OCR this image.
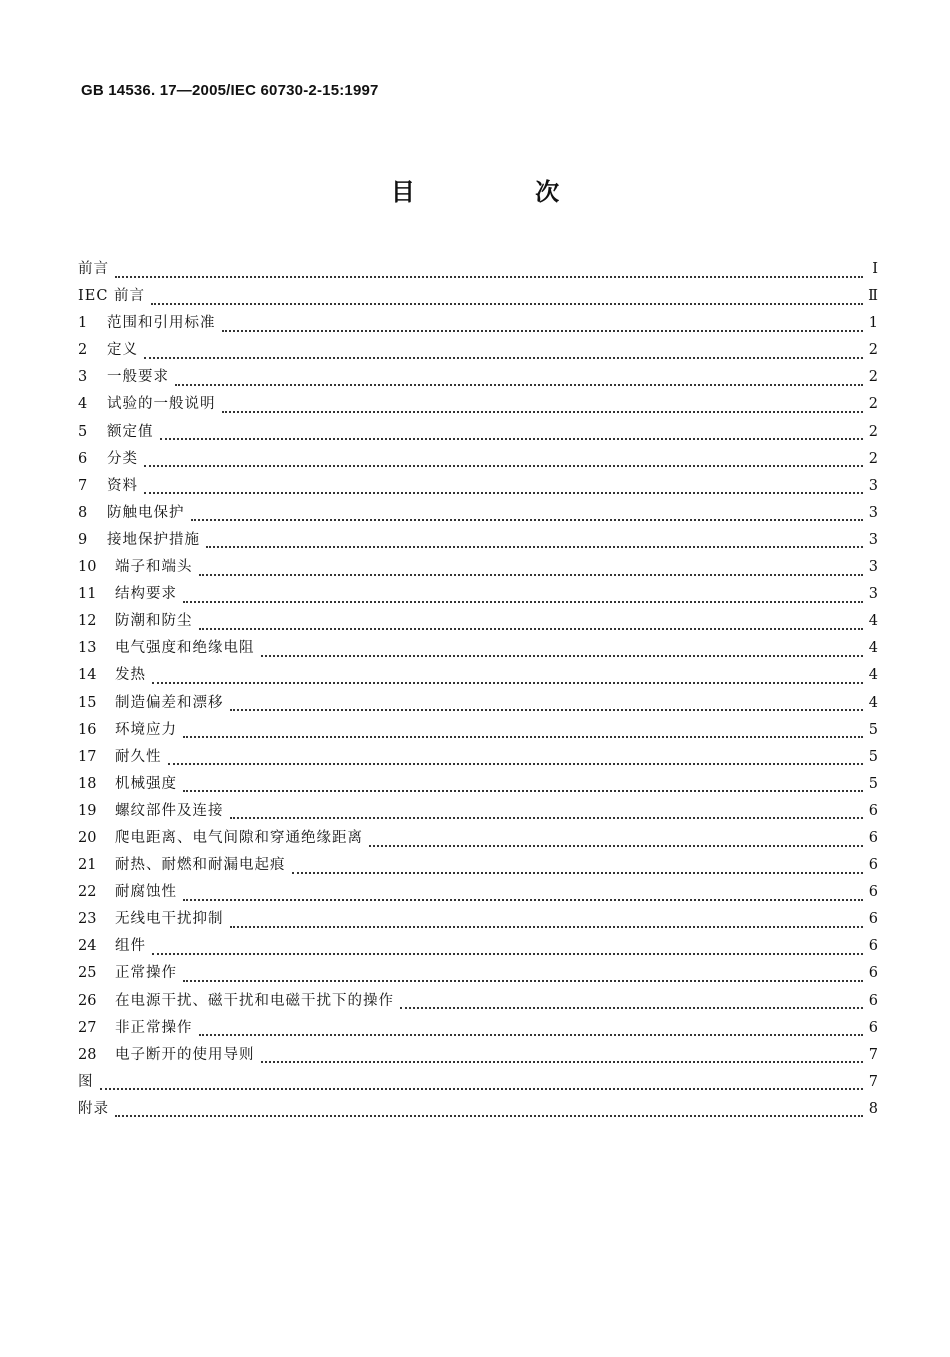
GB 14536. 17—2005/IEC 60730-2-15:1997
目 次
前言	Ⅰ
IEC 前言	Ⅱ
1	范围和引用标准	1
2	定义	2
3	一般要求	2
4	试验的一般说明	2
5	额定值	2
6	分类	2
7	资料	3
8	防触电保护	3
9	接地保护措施	3
10	端子和端头	3
11	结构要求	3
12	防潮和防尘	4
13	电气强度和绝缘电阻	4
14	发热	4
15	制造偏差和漂移	4
16	环境应力	5
17	耐久性	5
18	机械强度	5
19	螺纹部件及连接	6
20	爬电距离、电气间隙和穿通绝缘距离	6
21	耐热、耐燃和耐漏电起痕	6
22	耐腐蚀性	6
23	无线电干扰抑制	6
24	组件	6
25	正常操作	6
26	在电源干扰、磁干扰和电磁干扰下的操作	6
27	非正常操作	6
28	电子断开的使用导则	7
图	7
附录	8
